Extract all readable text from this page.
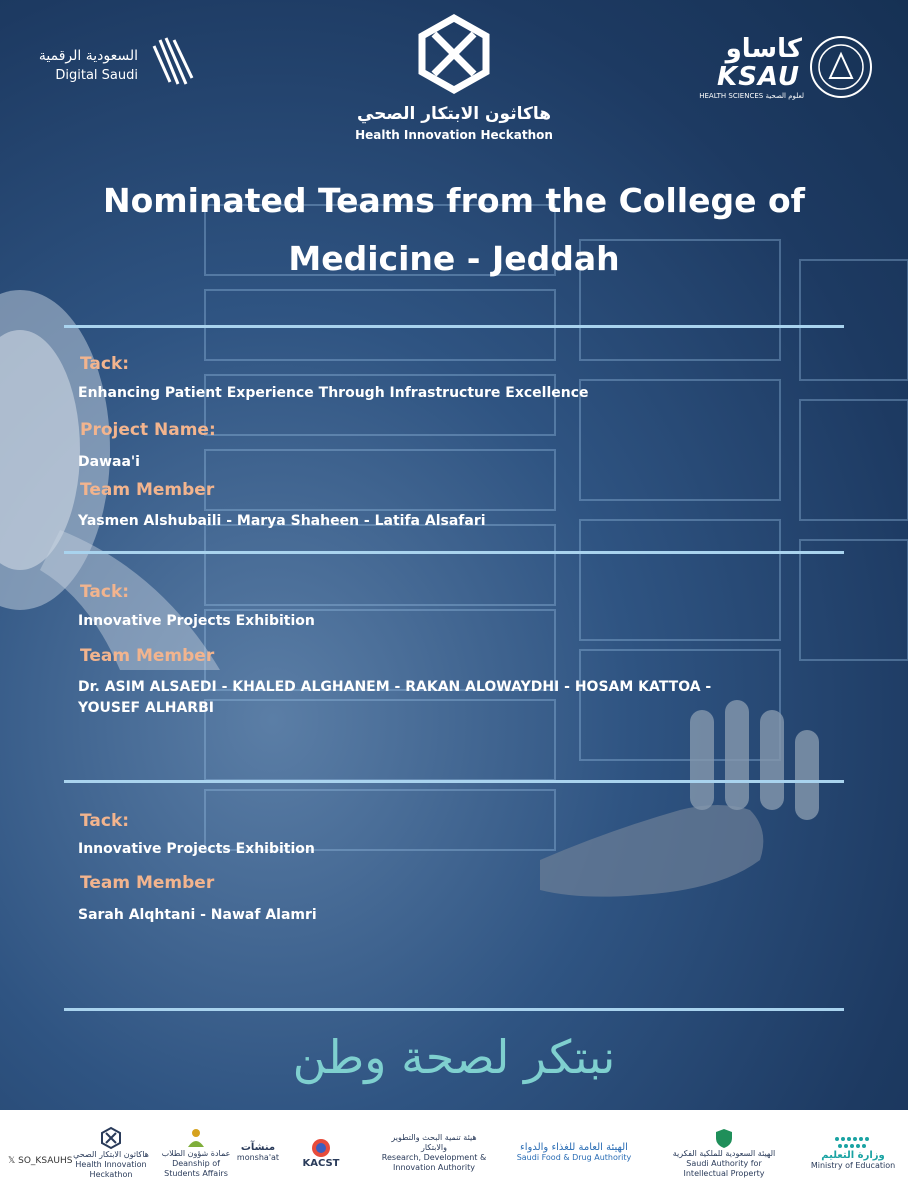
السعودية الرقمية
Digital Saudi
هاكاثون الابتكار الصحي
Health Innovation Heckathon
كاساو
KSAU
HEALTH SCIENCES لعلوم الصحية
Nominated Teams from the College of Medicine - Jeddah
Tack:
Enhancing Patient Experience Through Infrastructure Excellence
Project Name:
Dawaa'i
Team Member
Yasmen Alshubaili - Marya Shaheen - Latifa Alsafari
Tack:
Innovative Projects Exhibition
Team Member
Dr. ASIM ALSAEDI - KHALED ALGHANEM - RAKAN ALOWAYDHI - HOSAM KATTOA - YOUSEF ALHARBI
Tack:
Innovative Projects Exhibition
Team Member
Sarah Alqhtani - Nawaf Alamri
نبتكر لصحة وطن
𝕏 SO_KSAUHS
هاكاثون الابتكار الصحي
Health Innovation Heckathon
عمادة شؤون الطلاب
Deanship of Students Affairs
منشآت
monsha'at
KACST
هيئة تنمية البحث والتطوير والابتكار
Research, Development & Innovation Authority
الهيئة العامة للغذاء والدواء
Saudi Food & Drug Authority	الهيئة السعودية للملكية الفكرية
Saudi Authority for Intellectual Property
وزارة التعليم
Ministry of Education
